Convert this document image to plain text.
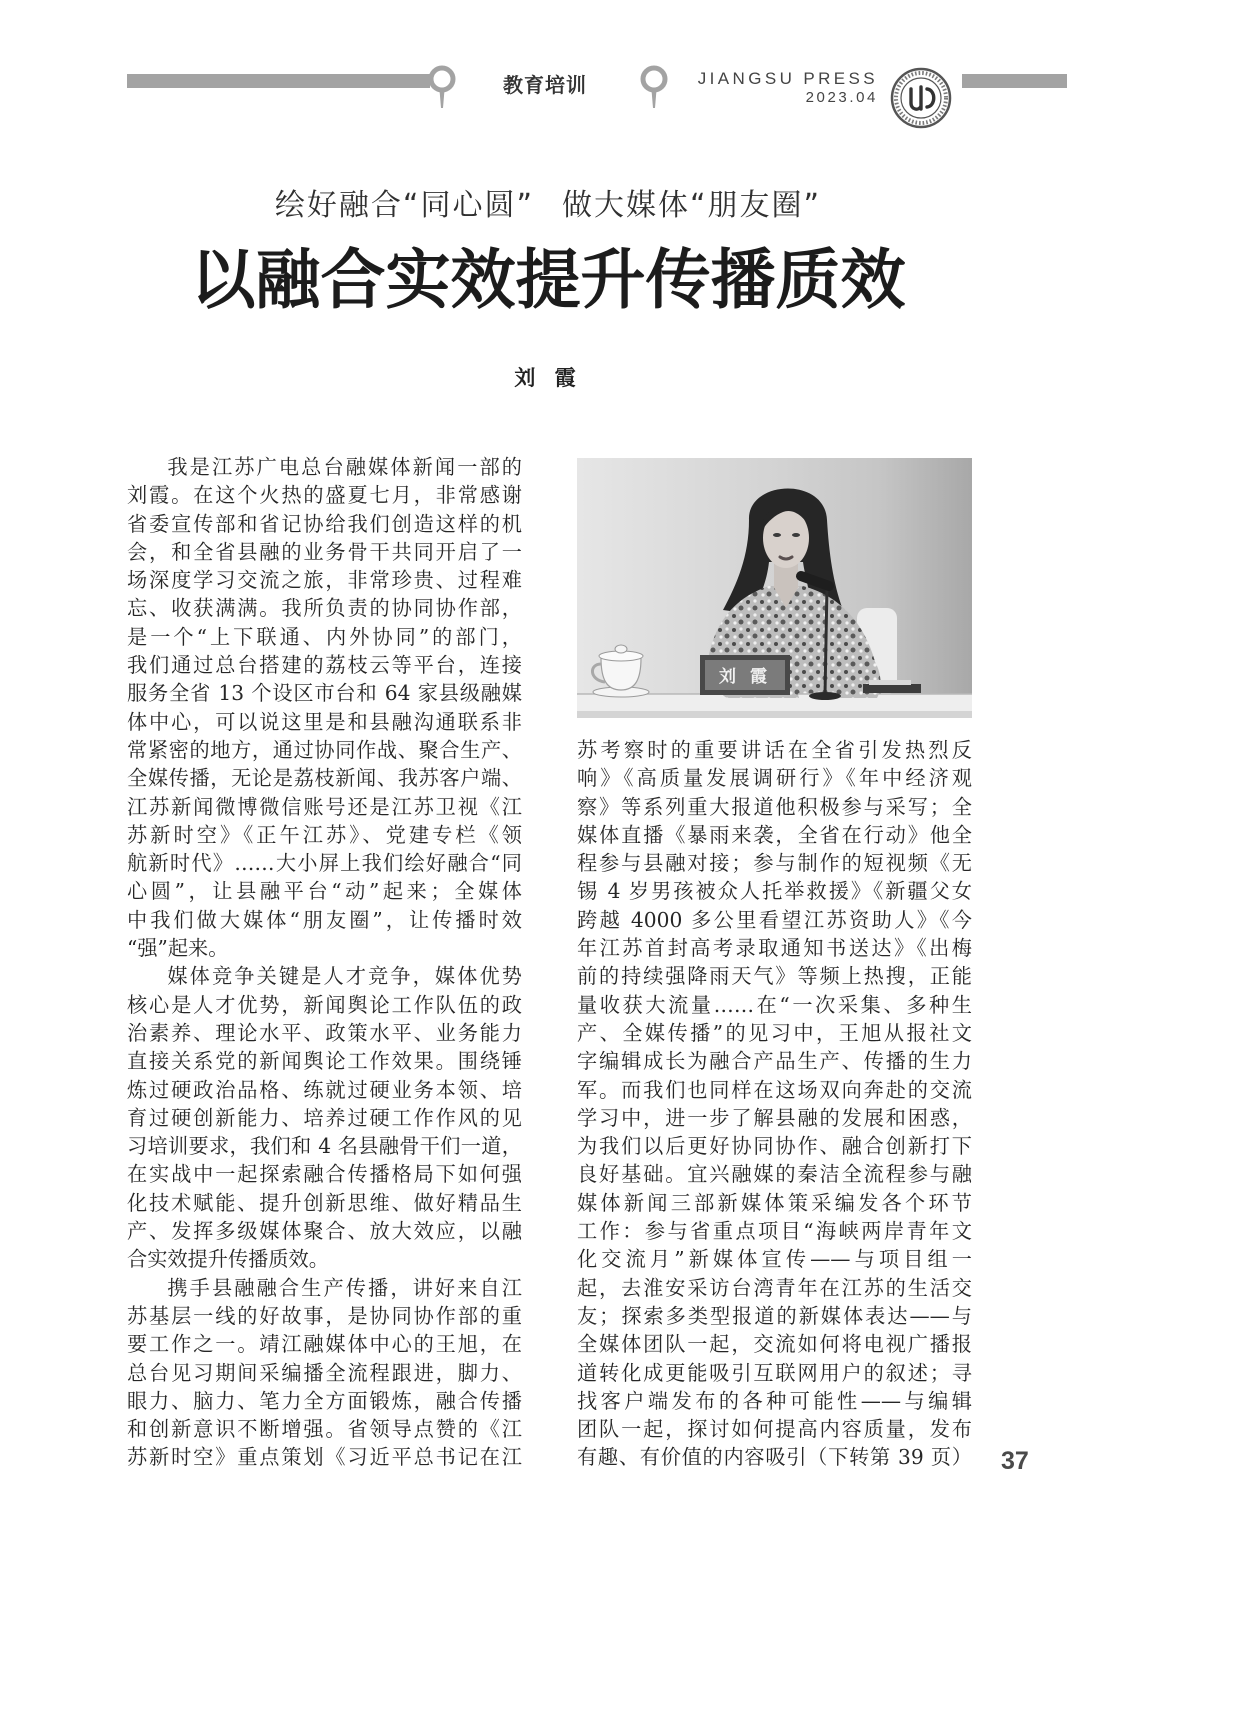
教育培训	JIANGSU PRESS
2023.04
绘好融合“同心圆” 做大媒体“朋友圈”
以融合实效提升传播质效
刘 霞
我是江苏广电总台融媒体新闻一部的
刘霞。在这个火热的盛夏七月，非常感谢
省委宣传部和省记协给我们创造这样的机
会，和全省县融的业务骨干共同开启了一
场深度学习交流之旅，非常珍贵、过程难
忘、收获满满。我所负责的协同协作部，
是一个“上下联通、内外协同”的部门，
我们通过总台搭建的荔枝云等平台，连接
服务全省 13 个设区市台和 64 家县级融媒
体中心，可以说这里是和县融沟通联系非
常紧密的地方，通过协同作战、聚合生产、
全媒传播，无论是荔枝新闻、我苏客户端、
江苏新闻微博微信账号还是江苏卫视《江
苏新时空》《正午江苏》、党建专栏《领
航新时代》……大小屏上我们绘好融合“同
心圆”，让县融平台“动”起来；全媒体
中我们做大媒体“朋友圈”，让传播时效
“强”起来。
媒体竞争关键是人才竞争，媒体优势
核心是人才优势，新闻舆论工作队伍的政
治素养、理论水平、政策水平、业务能力
直接关系党的新闻舆论工作效果。围绕锤
炼过硬政治品格、练就过硬业务本领、培
育过硬创新能力、培养过硬工作作风的见
习培训要求，我们和 4 名县融骨干们一道，
在实战中一起探索融合传播格局下如何强
化技术赋能、提升创新思维、做好精品生
产、发挥多级媒体聚合、放大效应，以融
合实效提升传播质效。
携手县融融合生产传播，讲好来自江
苏基层一线的好故事，是协同协作部的重
要工作之一。靖江融媒体中心的王旭，在
总台见习期间采编播全流程跟进，脚力、
眼力、脑力、笔力全方面锻炼，融合传播
和创新意识不断增强。省领导点赞的《江
苏新时空》重点策划《习近平总书记在江
刘 霞
苏考察时的重要讲话在全省引发热烈反
响》《高质量发展调研行》《年中经济观
察》等系列重大报道他积极参与采写；全
媒体直播《暴雨来袭，全省在行动》他全
程参与县融对接；参与制作的短视频《无
锡 4 岁男孩被众人托举救援》《新疆父女
跨越 4000 多公里看望江苏资助人》《今
年江苏首封高考录取通知书送达》《出梅
前的持续强降雨天气》等频上热搜，正能
量收获大流量……在“一次采集、多种生
产、全媒传播”的见习中，王旭从报社文
字编辑成长为融合产品生产、传播的生力
军。而我们也同样在这场双向奔赴的交流
学习中，进一步了解县融的发展和困惑，
为我们以后更好协同协作、融合创新打下
良好基础。宜兴融媒的秦洁全流程参与融
媒体新闻三部新媒体策采编发各个环节
工作：参与省重点项目“海峡两岸青年文
化交流月”新媒体宣传——与项目组一
起，去淮安采访台湾青年在江苏的生活交
友；探索多类型报道的新媒体表达——与
全媒体团队一起，交流如何将电视广播报
道转化成更能吸引互联网用户的叙述；寻
找客户端发布的各种可能性——与编辑
团队一起，探讨如何提高内容质量，发布
有趣、有价值的内容吸引（下转第 39 页） 37
